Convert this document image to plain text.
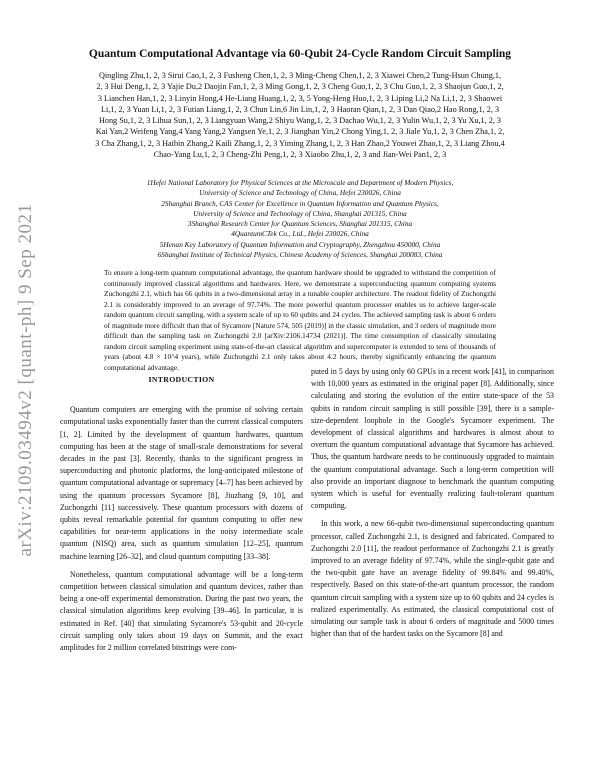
arXiv:2109.03494v2 [quant-ph] 9 Sep 2021
Quantum Computational Advantage via 60-Qubit 24-Cycle Random Circuit Sampling
Qingling Zhu,1, 2, 3 Sirui Cao,1, 2, 3 Fusheng Chen,1, 2, 3 Ming-Cheng Chen,1, 2, 3 Xiawei Chen,2 Tung-Hsun Chung,1, 2, 3 Hui Deng,1, 2, 3 Yajie Du,2 Daojin Fan,1, 2, 3 Ming Gong,1, 2, 3 Cheng Guo,1, 2, 3 Chu Guo,1, 2, 3 Shaojun Guo,1, 2, 3 Lianchen Han,1, 2, 3 Linyin Hong,4 He-Liang Huang,1, 2, 3, 5 Yong-Heng Huo,1, 2, 3 Liping Li,2 Na Li,1, 2, 3 Shaowei Li,1, 2, 3 Yuan Li,1, 2, 3 Futian Liang,1, 2, 3 Chun Lin,6 Jin Lin,1, 2, 3 Haoran Qian,1, 2, 3 Dan Qiao,2 Hao Rong,1, 2, 3 Hong Su,1, 2, 3 Lihua Sun,1, 2, 3 Liangyuan Wang,2 Shiyu Wang,1, 2, 3 Dachao Wu,1, 2, 3 Yulin Wu,1, 2, 3 Yu Xu,1, 2, 3 Kai Yan,2 Weifeng Yang,4 Yang Yang,2 Yangsen Ye,1, 2, 3 Jianghan Yin,2 Chong Ying,1, 2, 3 Jiale Yu,1, 2, 3 Chen Zha,1, 2, 3 Cha Zhang,1, 2, 3 Haibin Zhang,2 Kaili Zhang,1, 2, 3 Yiming Zhang,1, 2, 3 Han Zhao,2 Youwei Zhao,1, 2, 3 Liang Zhou,4 Chao-Yang Lu,1, 2, 3 Cheng-Zhi Peng,1, 2, 3 Xiaobo Zhu,1, 2, 3 and Jian-Wei Pan1, 2, 3
1Hefei National Laboratory for Physical Sciences at the Microscale and Department of Modern Physics,
University of Science and Technology of China, Hefei 230026, China
2Shanghai Branch, CAS Center for Excellence in Quantum Information and Quantum Physics,
University of Science and Technology of China, Shanghai 201315, China
3Shanghai Research Center for Quantum Sciences, Shanghai 201315, China
4QuantumCTek Co., Ltd., Hefei 230026, China
5Henan Key Laboratory of Quantum Information and Cryptography, Zhengzhou 450000, China
6Shanghai Institute of Technical Physics, Chinese Academy of Sciences, Shanghai 200083, China
To ensure a long-term quantum computational advantage, the quantum hardware should be upgraded to withstand the competition of continuously improved classical algorithms and hardwares. Here, we demonstrate a superconducting quantum computing systems Zuchongzhi 2.1, which has 66 qubits in a two-dimensional array in a tunable coupler architecture. The readout fidelity of Zuchongzhi 2.1 is considerably improved to an average of 97.74%. The more powerful quantum processor enables us to achieve larger-scale random quantum circuit sampling, with a system scale of up to 60 qubits and 24 cycles. The achieved sampling task is about 6 orders of magnitude more difficult than that of Sycamore [Nature 574, 505 (2019)] in the classic simulation, and 3 orders of magnitude more difficult than the sampling task on Zuchongzhi 2.0 [arXiv:2106.14734 (2021)]. The time consumption of classically simulating random circuit sampling experiment using state-of-the-art classical algorithm and supercomputer is extended to tens of thousands of years (about 4.8 × 10^4 years), while Zuchongzhi 2.1 only takes about 4.2 hours, thereby significantly enhancing the quantum computational advantage.
INTRODUCTION

Quantum computers are emerging with the promise of solving certain computational tasks exponentially faster than the current classical computers [1, 2]. Limited by the development of quantum hardwares, quantum computing has been at the stage of small-scale demonstrations for several decades in the past [3]. Recently, thanks to the significant progress in superconducting and photonic platforms, the long-anticipated milestone of quantum computational advantage or supremacy [4–7] has been achieved by using the quantum processors Sycamore [8], Jiuzhang [9, 10], and Zuchongzhi [11] successively. These quantum processors with dozens of qubits reveal remarkable potential for quantum computing to offer new capabilities for near-term applications in the noisy intermediate scale quantum (NISQ) area, such as quantum simulation [12–25], quantum machine learning [26–32], and cloud quantum computing [33–38].

Nonetheless, quantum computational advantage will be a long-term competition between classical simulation and quantum devices, rather than being a one-off experimental demonstration. During the past two years, the classical simulation algorithms keep evolving [39–46]. In particular, it is estimated in Ref. [40] that simulating Sycamore's 53-qubit and 20-cycle circuit sampling only takes about 19 days on Summit, and the exact amplitudes for 2 million correlated bitstrings were com-

puted in 5 days by using only 60 GPUs in a recent work [41], in comparison with 10,000 years as estimated in the original paper [8]. Additionally, since calculating and storing the evolution of the entire state-space of the 53 qubits in random circuit sampling is still possible [39], there is a sample-size-dependent loophole in the Google's Sycamore experiment. The development of classical algorithms and hardwares is almost about to overturn the quantum computational advantage that Sycamore has achieved. Thus, the quantum hardware needs to be continuously upgraded to maintain the quantum computational advantage. Such a long-term competition will also provide an important diagnose to benchmark the quantum computing system which is useful for eventually realizing fault-tolerant quantum computing.

In this work, a new 66-qubit two-dimensional superconducting quantum processor, called Zuchongzhi 2.1, is designed and fabricated. Compared to Zuchongzhi 2.0 [11], the readout performance of Zuchongzhi 2.1 is greatly improved to an average fidelity of 97.74%, while the single-qubit gate and the two-qubit gate have an average fidelity of 99.84% and 99.40%, respectively. Based on this state-of-the-art quantum processor, the random quantum circuit sampling with a system size up to 60 qubits and 24 cycles is realized experimentally. As estimated, the classical computational cost of simulating our sample task is about 6 orders of magnitude and 5000 times higher than that of the hardest tasks on the Sycamore [8] and
